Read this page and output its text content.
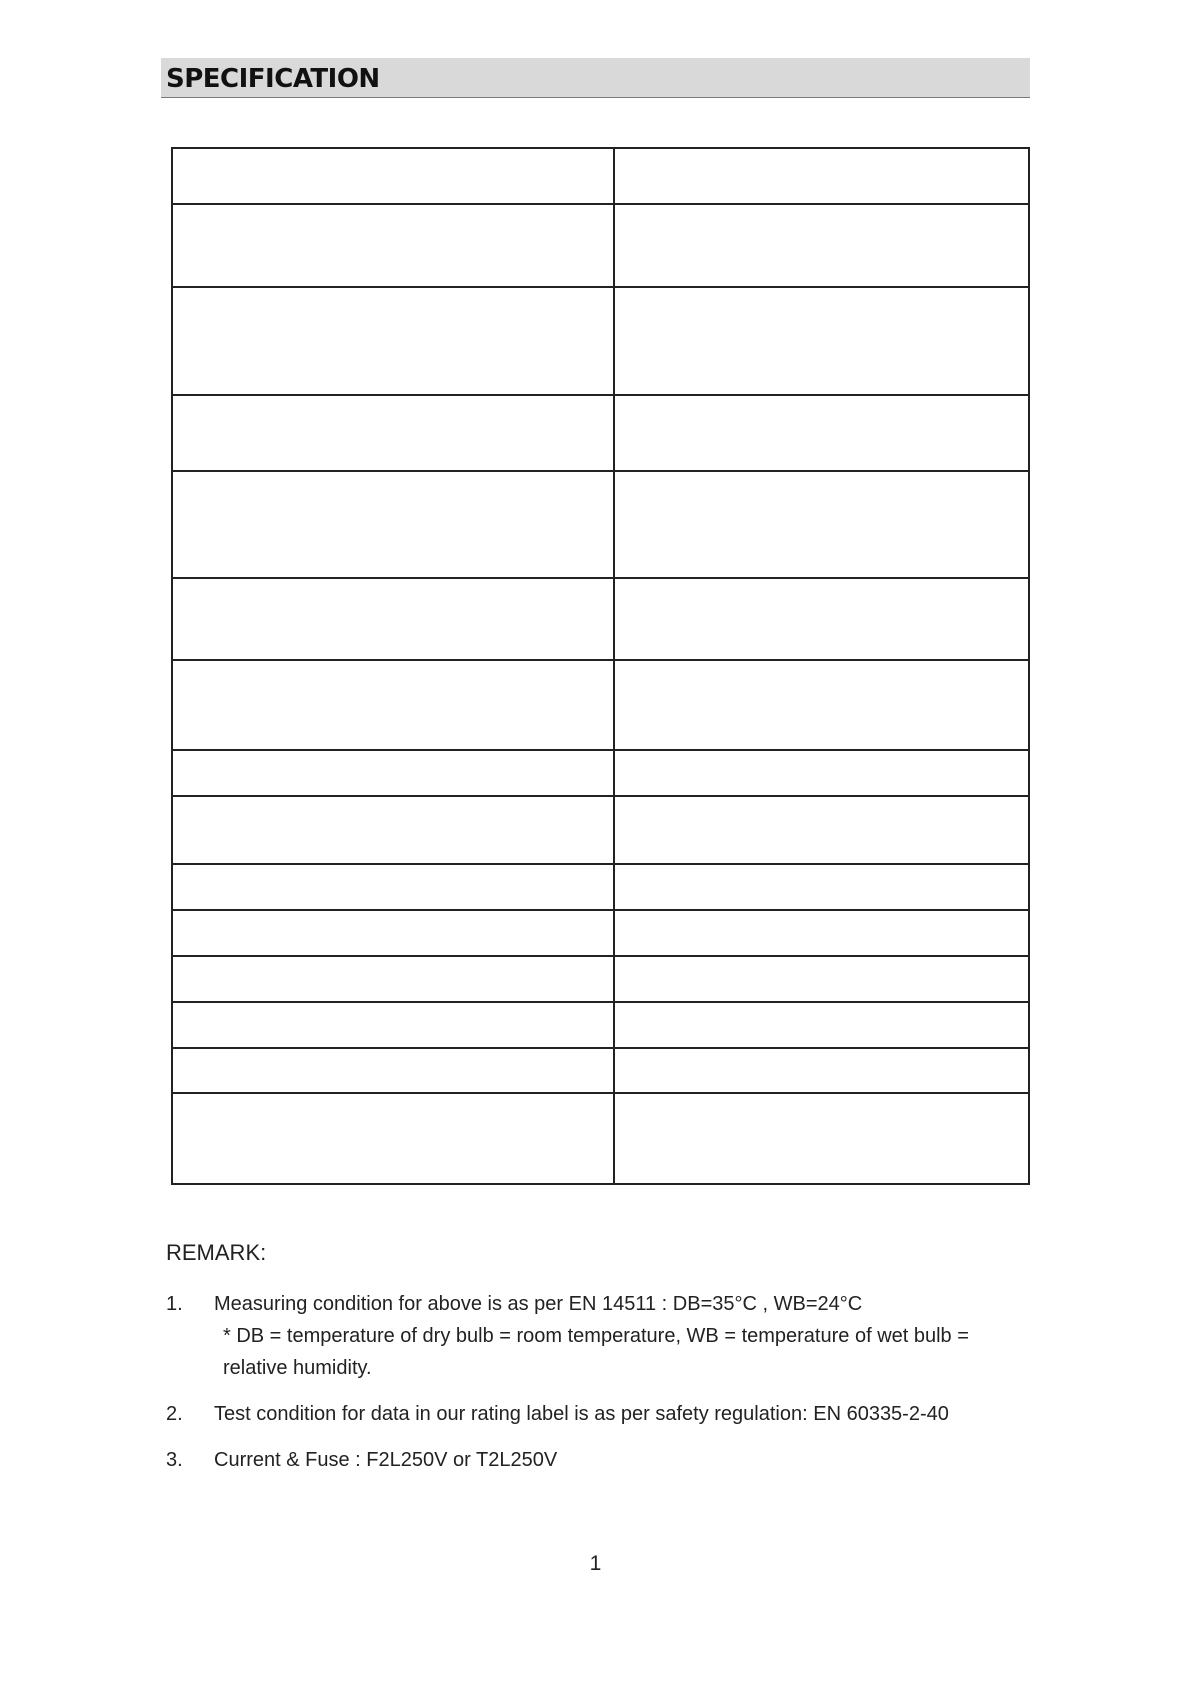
SPECIFICATION

REMARK:
1. Measuring condition for above is as per EN 14511 : DB=35°C , WB=24°C
* DB = temperature of dry bulb = room temperature, WB = temperature of wet bulb =
relative humidity.
2. Test condition for data in our rating label is as per safety regulation: EN 60335-2-40
3. Current & Fuse : F2L250V or T2L250V
1
